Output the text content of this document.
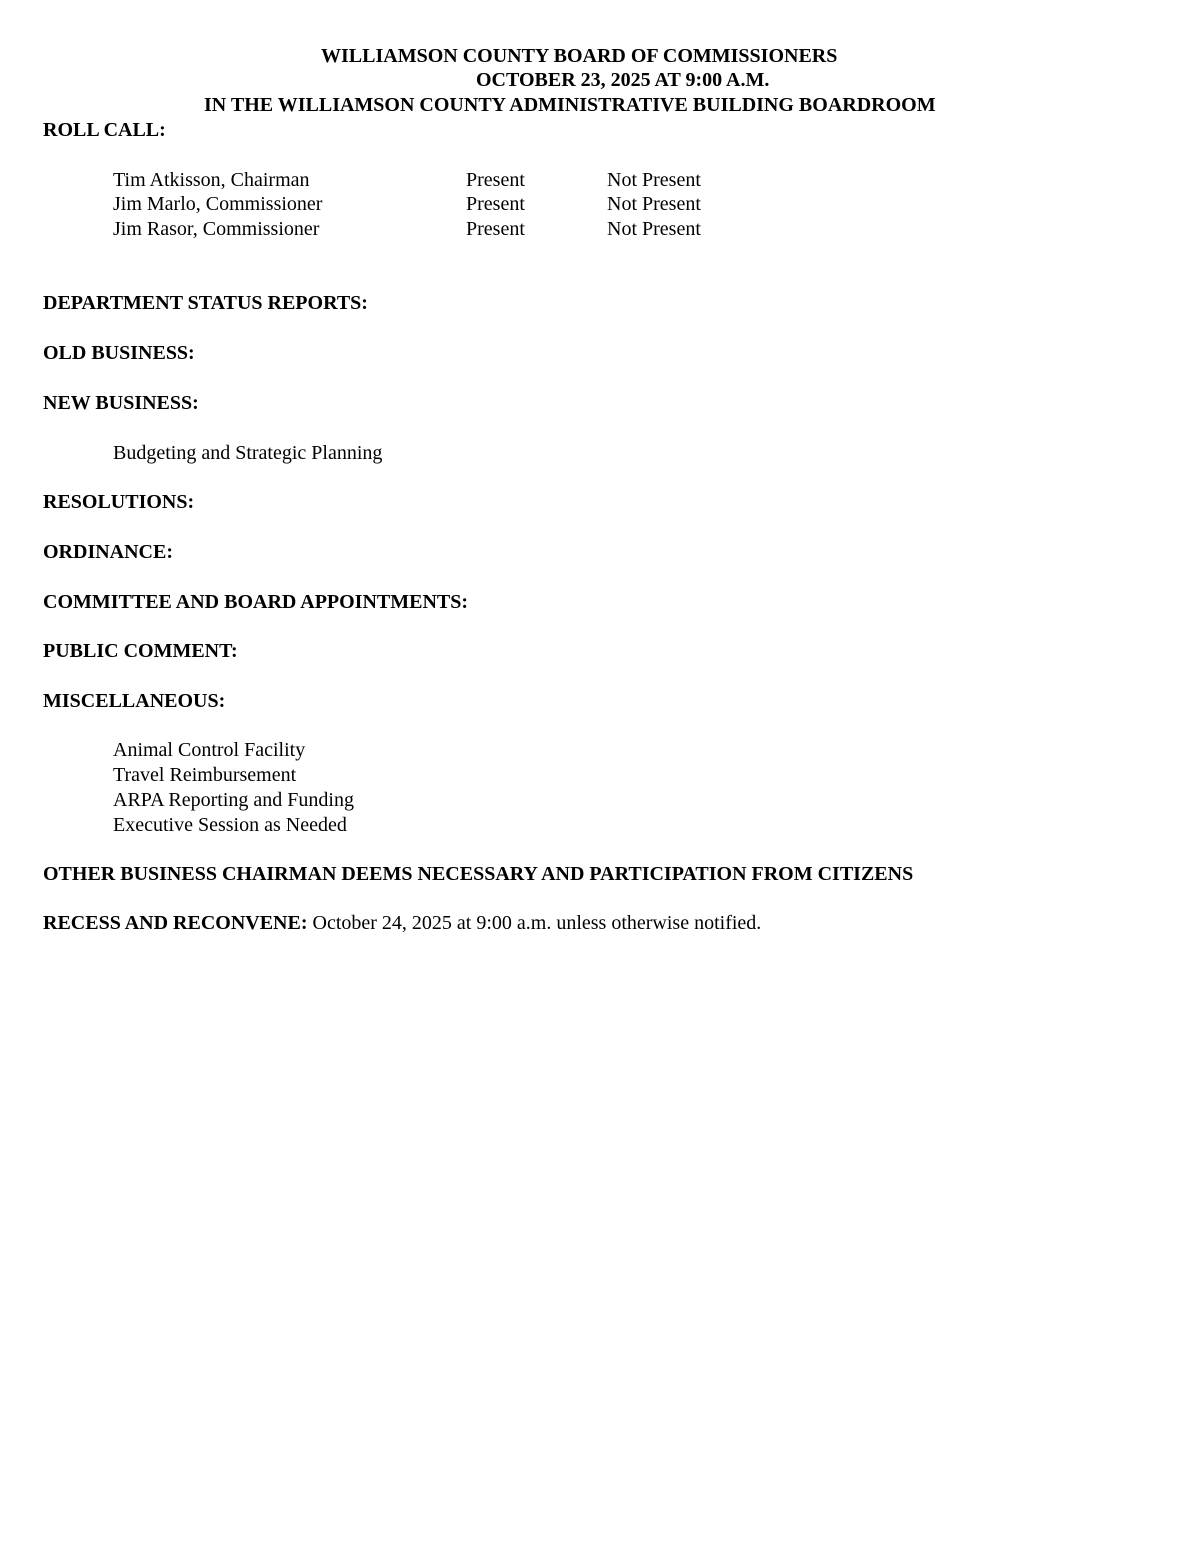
WILLIAMSON COUNTY BOARD OF COMMISSIONERS
OCTOBER 23, 2025 AT 9:00 A.M.
IN THE WILLIAMSON COUNTY ADMINISTRATIVE BUILDING BOARDROOM
ROLL CALL:
Tim Atkisson, Chairman	Present	Not Present
Jim Marlo, Commissioner	Present	Not Present
Jim Rasor, Commissioner	Present	Not Present
DEPARTMENT STATUS REPORTS:
OLD BUSINESS:
NEW BUSINESS:
Budgeting and Strategic Planning
RESOLUTIONS:
ORDINANCE:
COMMITTEE AND BOARD APPOINTMENTS:
PUBLIC COMMENT:
MISCELLANEOUS:
Animal Control Facility
Travel Reimbursement
ARPA Reporting and Funding
Executive Session as Needed
OTHER BUSINESS CHAIRMAN DEEMS NECESSARY AND PARTICIPATION FROM CITIZENS
RECESS AND RECONVENE: October 24, 2025 at 9:00 a.m. unless otherwise notified.
